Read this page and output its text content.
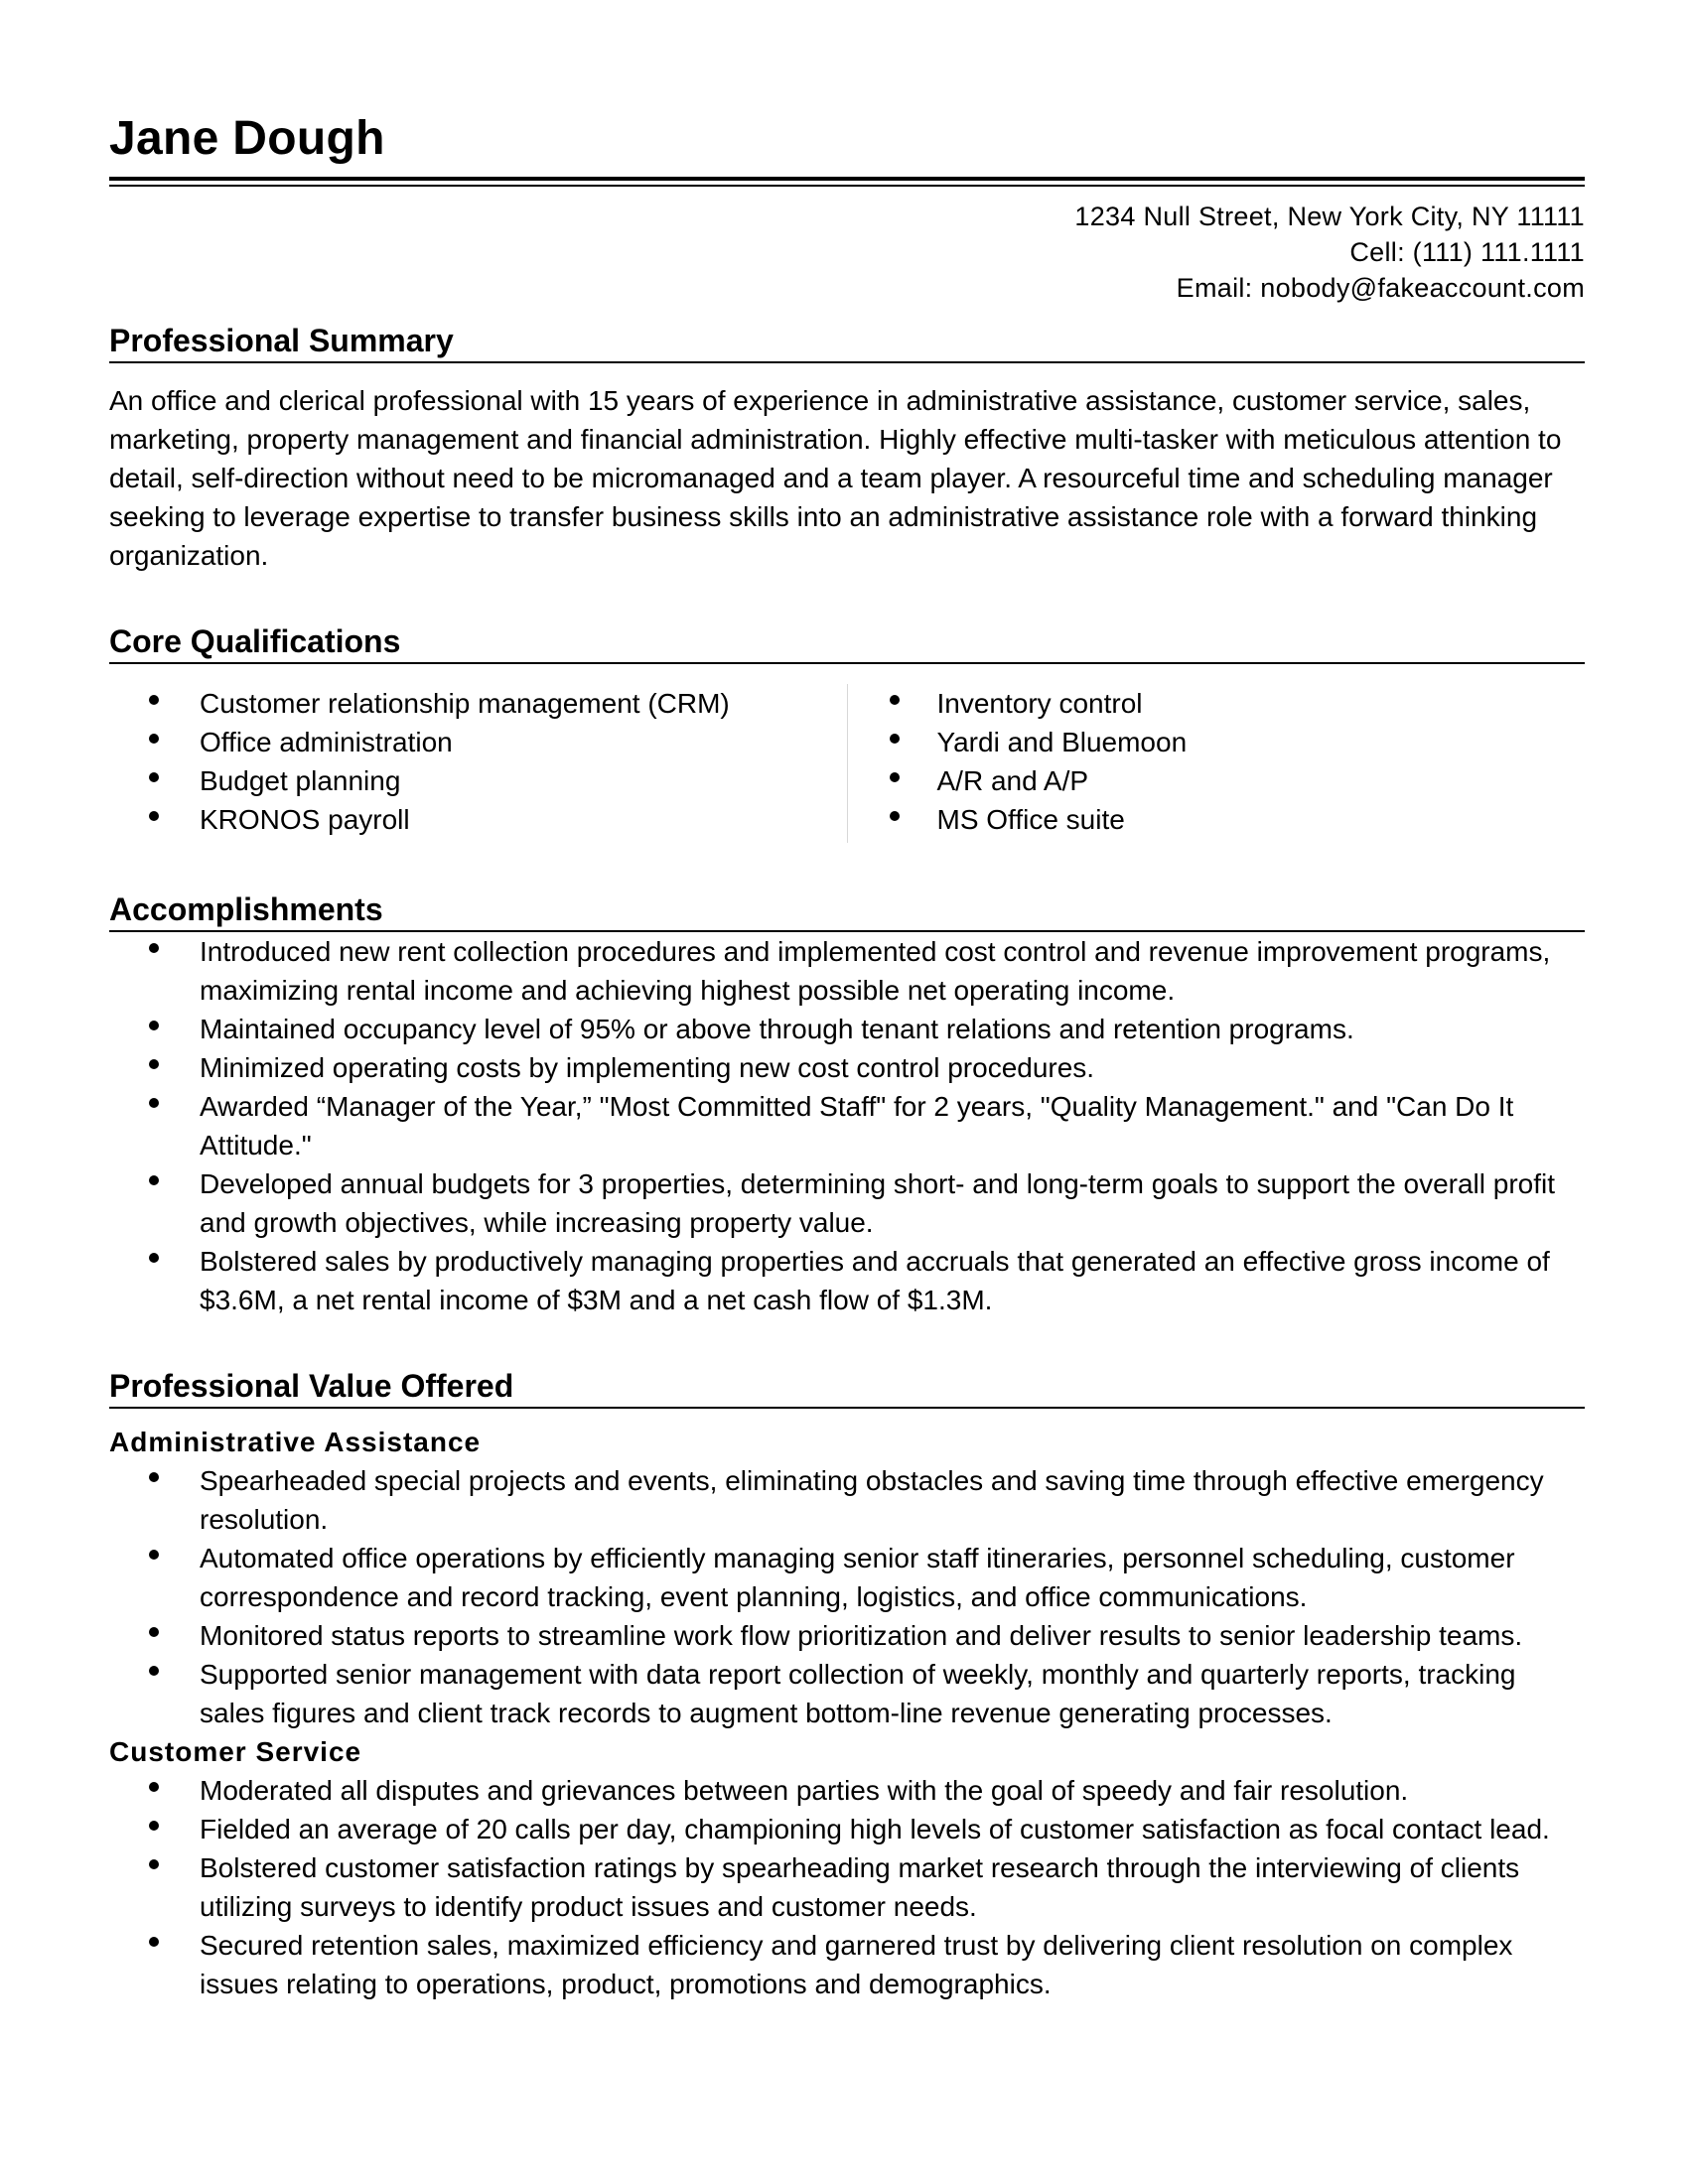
Jane Dough
1234 Null Street, New York City, NY 11111
Cell: (111) 111.1111
Email: nobody@fakeaccount.com
Professional Summary
An office and clerical professional with 15 years of experience in administrative assistance, customer service, sales, marketing, property management and financial administration. Highly effective multi-tasker with meticulous attention to detail, self-direction without need to be micromanaged and a team player. A resourceful time and scheduling manager seeking to leverage expertise to transfer business skills into an administrative assistance role with a forward thinking organization.
Core Qualifications
Customer relationship management (CRM)
Office administration
Budget planning
KRONOS payroll
Inventory control
Yardi and Bluemoon
A/R and A/P
MS Office suite
Accomplishments
Introduced new rent collection procedures and implemented cost control and revenue improvement programs, maximizing rental income and achieving highest possible net operating income.
Maintained occupancy level of 95% or above through tenant relations and retention programs.
Minimized operating costs by implementing new cost control procedures.
Awarded “Manager of the Year,” "Most Committed Staff" for 2 years, "Quality Management." and "Can Do It Attitude."
Developed annual budgets for 3 properties, determining short- and long-term goals to support the overall profit and growth objectives, while increasing property value.
Bolstered sales by productively managing properties and accruals that generated an effective gross income of $3.6M, a net rental income of $3M and a net cash flow of $1.3M.
Professional Value Offered
Administrative Assistance
Spearheaded special projects and events, eliminating obstacles and saving time through effective emergency resolution.
Automated office operations by efficiently managing senior staff itineraries, personnel scheduling, customer correspondence and record tracking, event planning, logistics, and office communications.
Monitored status reports to streamline work flow prioritization and deliver results to senior leadership teams.
Supported senior management with data report collection of weekly, monthly and quarterly reports, tracking sales figures and client track records to augment bottom-line revenue generating processes.
Customer Service
Moderated all disputes and grievances between parties with the goal of speedy and fair resolution.
Fielded an average of 20 calls per day, championing high levels of customer satisfaction as focal contact lead.
Bolstered customer satisfaction ratings by spearheading market research through the interviewing of clients utilizing surveys to identify product issues and customer needs.
Secured retention sales, maximized efficiency and garnered trust by delivering client resolution on complex issues relating to operations, product, promotions and demographics.
